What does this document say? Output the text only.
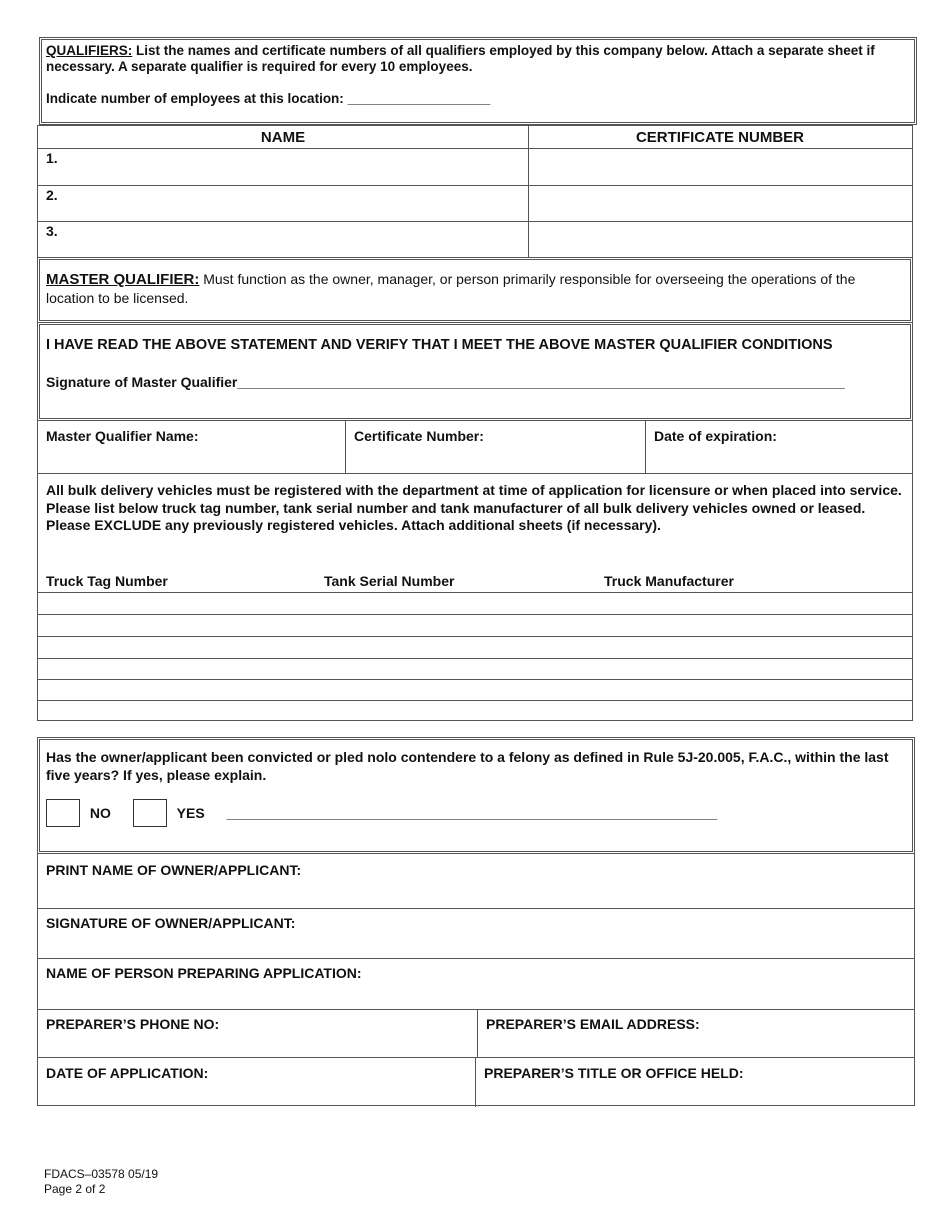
QUALIFIERS: List the names and certificate numbers of all qualifiers employed by this company below. Attach a separate sheet if necessary. A separate qualifier is required for every 10 employees.

Indicate number of employees at this location: ___________________

NAME	CERTIFICATE NUMBER
1.
2.
3.
MASTER QUALIFIER: Must function as the owner, manager, or person primarily responsible for overseeing the operations of the location to be licensed.

I HAVE READ THE ABOVE STATEMENT AND VERIFY THAT I MEET THE ABOVE MASTER QUALIFIER CONDITIONS

Signature of Master Qualifier______________________________________________________________________________

Master Qualifier Name:	Certificate Number:	Date of expiration:

All bulk delivery vehicles must be registered with the department at time of application for licensure or when placed into service. Please list below truck tag number, tank serial number and tank manufacturer of all bulk delivery vehicles owned or leased. Please EXCLUDE any previously registered vehicles. Attach additional sheets (if necessary).

Truck Tag Number	Tank Serial Number	Truck Manufacturer

Has the owner/applicant been convicted or pled nolo contendere to a felony as defined in Rule 5J-20.005, F.A.C., within the last five years? If yes, please explain.

NO	YES _______________________________________________________________
PRINT NAME OF OWNER/APPLICANT:
SIGNATURE OF OWNER/APPLICANT:
NAME OF PERSON PREPARING APPLICATION:
PREPARER’S PHONE NO:	PREPARER’S EMAIL ADDRESS:
DATE OF APPLICATION:	PREPARER’S TITLE OR OFFICE HELD:
FDACS–03578 05/19
Page 2 of 2
